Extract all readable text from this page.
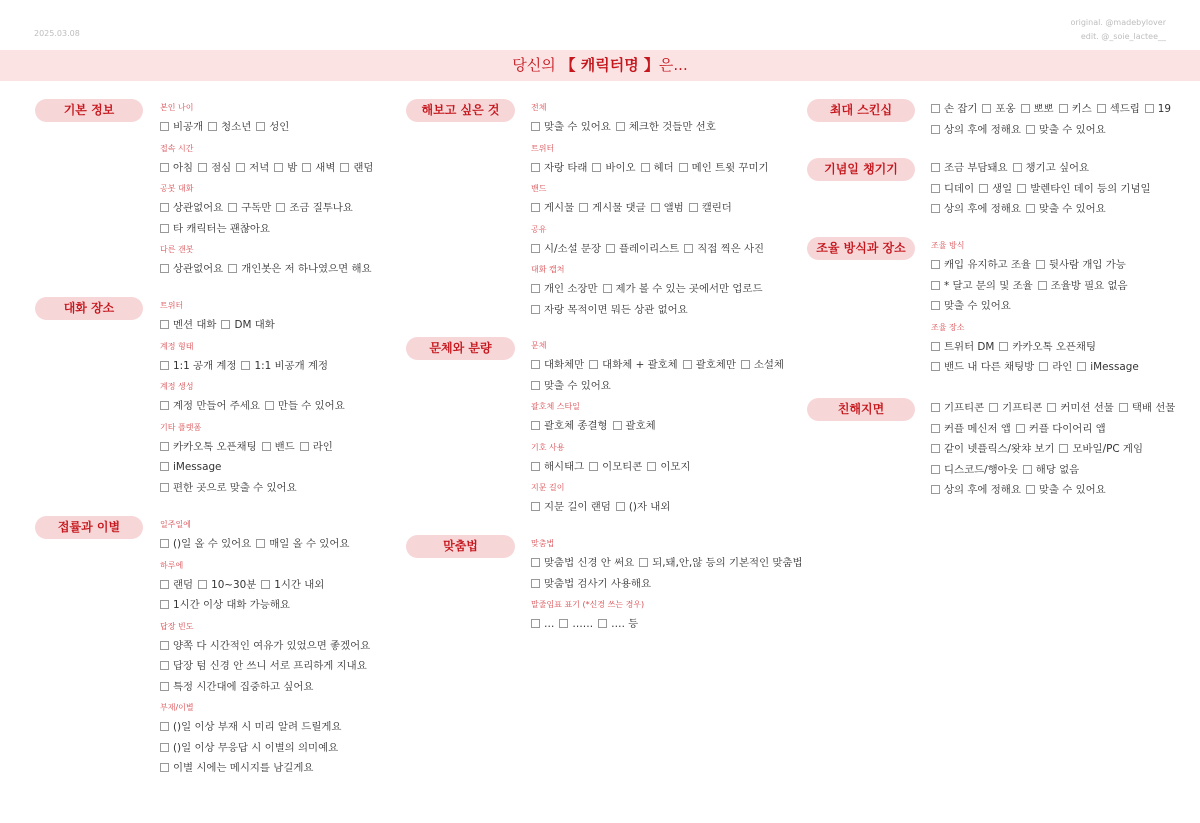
2025.03.08
original. @madebylover
edit. @_soie_lactee__
당신의 【 캐릭터명 】은...
기본 정보	본인 나이
비공개 청소년 성인
접속 시간
아침 점심 저녁 밤 새벽 랜덤
공봇 대화
상관없어요 구독만 조금 질투나요
타 캐릭터는 괜찮아요
다른 갠봇
상관없어요 개인봇은 저 하나였으면 해요
대화 장소	트위터
멘션 대화 DM 대화
계정 형태
1:1 공개 계정 1:1 비공개 계정
계정 생성
계정 만들어 주세요 만들 수 있어요
기타 플랫폼
카카오톡 오픈채팅 밴드 라인
iMessage
편한 곳으로 맞출 수 있어요
접률과 이별	일주일에
()일 올 수 있어요 매일 올 수 있어요
하루에
랜덤 10~30분 1시간 내외
1시간 이상 대화 가능해요
답장 빈도
양쪽 다 시간적인 여유가 있었으면 좋겠어요
답장 텀 신경 안 쓰니 서로 프리하게 지내요
특정 시간대에 집중하고 싶어요
부재/이별
()일 이상 부재 시 미리 알려 드릴게요
()일 이상 무응답 시 이별의 의미예요
이별 시에는 메시지를 남길게요
해보고 싶은 것	전체
맞출 수 있어요 체크한 것들만 선호
트위터
자랑 타래 바이오 헤더 메인 트윗 꾸미기
밴드
게시물 게시물 댓글 앨범 캘린더
공유
시/소설 문장 플레이리스트 직접 찍은 사진
대화 캡처
개인 소장만 제가 볼 수 있는 곳에서만 업로드
자랑 목적이면 뭐든 상관 없어요
문체와 분량	문체
대화체만 대화체 + 괄호체 괄호체만 소설체
맞출 수 있어요
괄호체 스타일
괄호체 종결형 괄호체
기호 사용
해시태그 이모티콘 이모지
지문 길이
지문 길이 랜덤 ()자 내외
맞춤법	맞춤법
맞춤법 신경 안 써요 되,돼,안,않 등의 기본적인 맞춤법
맞춤법 검사기 사용해요
말줄임표 표기 (*신경 쓰는 경우)
… …… …. 등
최대 스킨십	손 잡기 포옹 뽀뽀 키스 섹드립 19
상의 후에 정해요 맞출 수 있어요
기념일 챙기기	조금 부담돼요 챙기고 싶어요
디데이 생일 발렌타인 데이 등의 기념일
상의 후에 정해요 맞출 수 있어요
조율 방식과 장소	조율 방식
캐입 유지하고 조율 뒷사람 개입 가능
* 달고 문의 및 조율 조율방 필요 없음
맞출 수 있어요
조율 장소
트위터 DM 카카오톡 오픈채팅
밴드 내 다른 채팅방 라인 iMessage
친해지면	기프티콘 기프티콘 커미션 선물 택배 선물
커플 메신저 앱 커플 다이어리 앱
같이 넷플릭스/왓챠 보기 모바일/PC 게임
디스코드/행아웃 해당 없음
상의 후에 정해요 맞출 수 있어요
